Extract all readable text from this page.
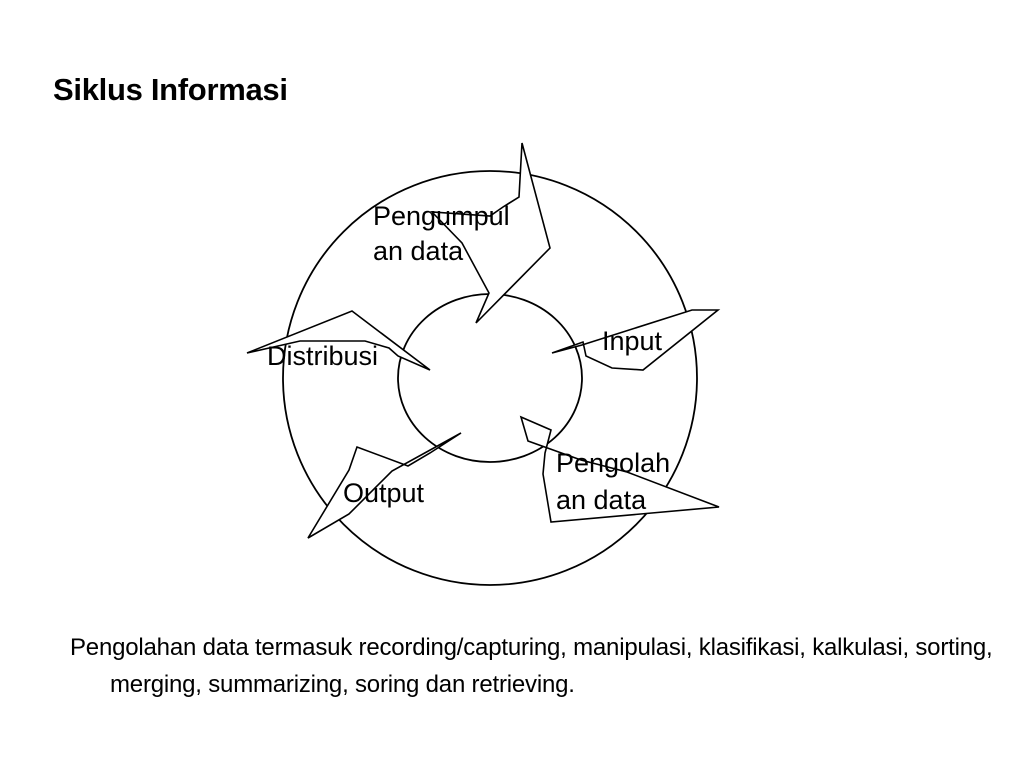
Siklus Informasi
Pengumpul
an data
Input
Pengolah
an data
Output
Distribusi

Pengolahan data termasuk recording/capturing, manipulasi, klasifikasi, kalkulasi, sorting, merging, summarizing, soring dan retrieving.
